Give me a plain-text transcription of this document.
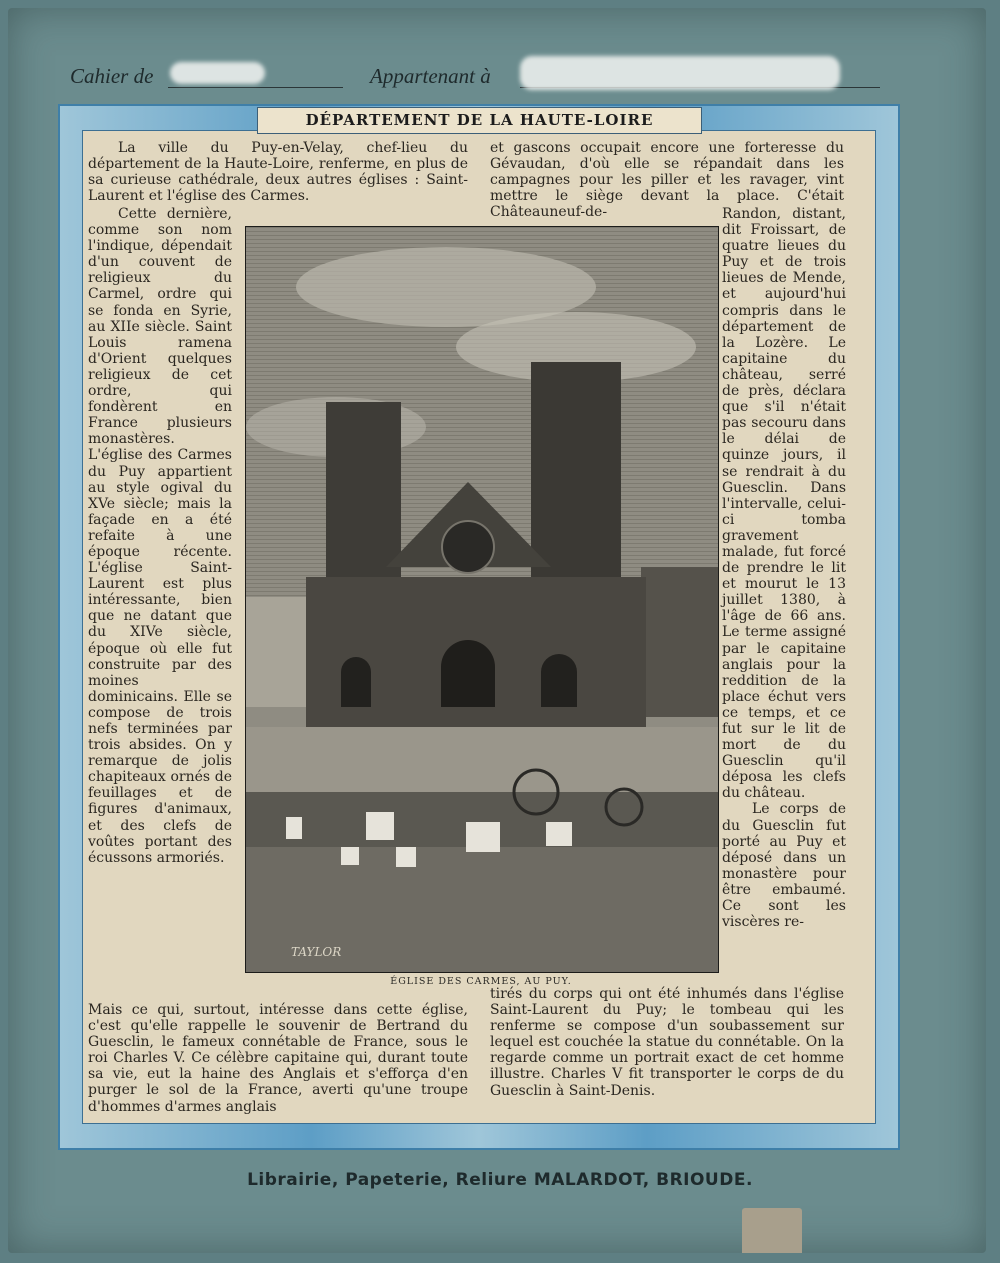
Cahier de	Appartenant à
DÉPARTEMENT DE LA HAUTE-LOIRE

La ville du Puy-en-Velay, chef-lieu du département de la Haute-Loire, renferme, en plus de sa curieuse cathédrale, deux autres églises : Saint-Laurent et l'église des Carmes.

et gascons occupait encore une forteresse du Gévaudan, d'où elle se répandait dans les campagnes pour les piller et les ravager, vint mettre le siège devant la place. C'était Châteauneuf-de-

Cette dernière, comme son nom l'indique, dépendait d'un couvent de religieux du Carmel, ordre qui se fonda en Syrie, au XIIe siècle. Saint Louis ramena d'Orient quelques religieux de cet ordre, qui fondèrent en France plusieurs monastères. L'église des Carmes du Puy appartient au style ogival du XVe siècle; mais la façade en a été refaite à une époque récente. L'église Saint-Laurent est plus intéressante, bien que ne datant que du XIVe siècle, époque où elle fut construite par des moines dominicains. Elle se compose de trois nefs terminées par trois absides. On y remarque de jolis chapiteaux ornés de feuillages et de figures d'animaux, et des clefs de voûtes portant des écussons armoriés.

Randon, distant, dit Froissart, de quatre lieues du Puy et de trois lieues de Mende, et aujourd'hui compris dans le département de la Lozère. Le capitaine du château, serré de près, déclara que s'il n'était pas secouru dans le délai de quinze jours, il se rendrait à du Guesclin. Dans l'intervalle, celui-ci tomba gravement malade, fut forcé de prendre le lit et mourut le 13 juillet 1380, à l'âge de 66 ans. Le terme assigné par le capitaine anglais pour la reddition de la place échut vers ce temps, et ce fut sur le lit de mort de du Guesclin qu'il déposa les clefs du château.

Le corps de du Guesclin fut porté au Puy et déposé dans un monastère pour être embaumé. Ce sont les viscères re-

Mais ce qui, surtout, intéresse dans cette église, c'est qu'elle rappelle le souvenir de Bertrand du Guesclin, le fameux connétable de France, sous le roi Charles V. Ce célèbre capitaine qui, durant toute sa vie, eut la haine des Anglais et s'efforça d'en purger le sol de la France, averti qu'une troupe d'hommes d'armes anglais

tirés du corps qui ont été inhumés dans l'église Saint-Laurent du Puy; le tombeau qui les renferme se compose d'un soubassement sur lequel est couchée la statue du connétable. On la regarde comme un portrait exact de cet homme illustre. Charles V fit transporter le corps de du Guesclin à Saint-Denis.

TAYLOR
ÉGLISE DES CARMES, AU PUY.
Librairie, Papeterie, Reliure MALARDOT, BRIOUDE.
